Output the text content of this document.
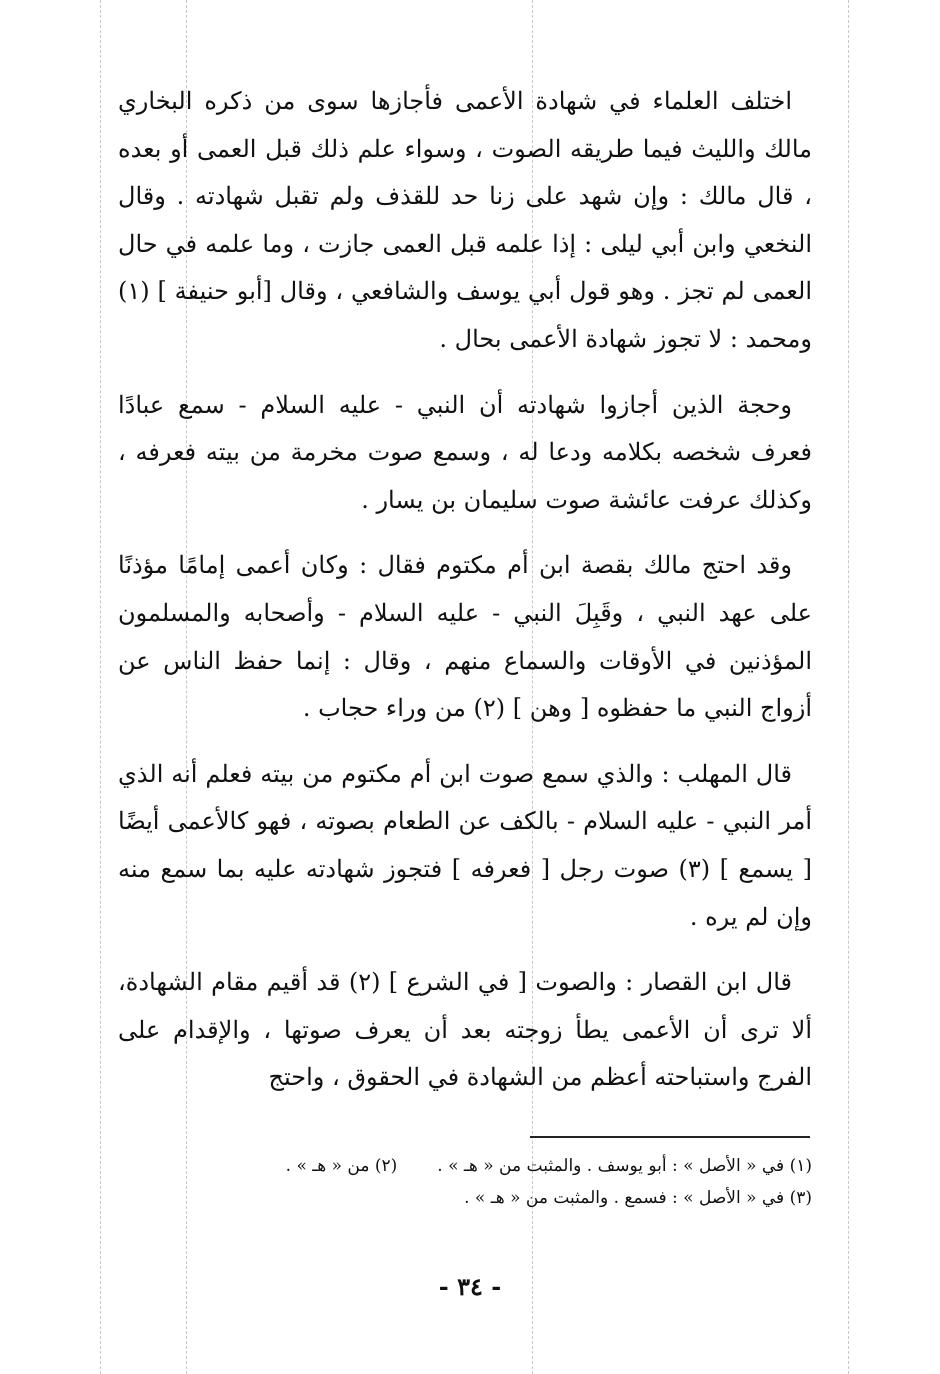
اختلف العلماء في شهادة الأعمى فأجازها سوى من ذكره البخاري مالك والليث فيما طريقه الصوت ، وسواء علم ذلك قبل العمى أو بعده ، قال مالك : وإن شهد على زنا حد للقذف ولم تقبل شهادته . وقال النخعي وابن أبي ليلى : إذا علمه قبل العمى جازت ، وما علمه في حال العمى لم تجز . وهو قول أبي يوسف والشافعي ، وقال [أبو حنيفة ] (١) ومحمد : لا تجوز شهادة الأعمى بحال .

وحجة الذين أجازوا شهادته أن النبي - عليه السلام - سمع عبادًا فعرف شخصه بكلامه ودعا له ، وسمع صوت مخرمة من بيته فعرفه ، وكذلك عرفت عائشة صوت سليمان بن يسار .

وقد احتج مالك بقصة ابن أم مكتوم فقال : وكان أعمى إمامًا مؤذنًا على عهد النبي ، وقَبِلَ النبي - عليه السلام - وأصحابه والمسلمون المؤذنين في الأوقات والسماع منهم ، وقال : إنما حفظ الناس عن أزواج النبي ما حفظوه [ وهن ] (٢) من وراء حجاب .

قال المهلب : والذي سمع صوت ابن أم مكتوم من بيته فعلم أنه الذي أمر النبي - عليه السلام - بالكف عن الطعام بصوته ، فهو كالأعمى أيضًا [ يسمع ] (٣) صوت رجل [ فعرفه ] فتجوز شهادته عليه بما سمع منه وإن لم يره .

قال ابن القصار : والصوت [ في الشرع ] (٢) قد أقيم مقام الشهادة، ألا ترى أن الأعمى يطأ زوجته بعد أن يعرف صوتها ، والإقدام على الفرج واستباحته أعظم من الشهادة في الحقوق ، واحتج

(١) في « الأصل » : أبو يوسف . والمثبت من « هـ » .(٢) من « هـ » .
(٣) في « الأصل » : فسمع . والمثبت من « هـ » .
- ٣٤ -
